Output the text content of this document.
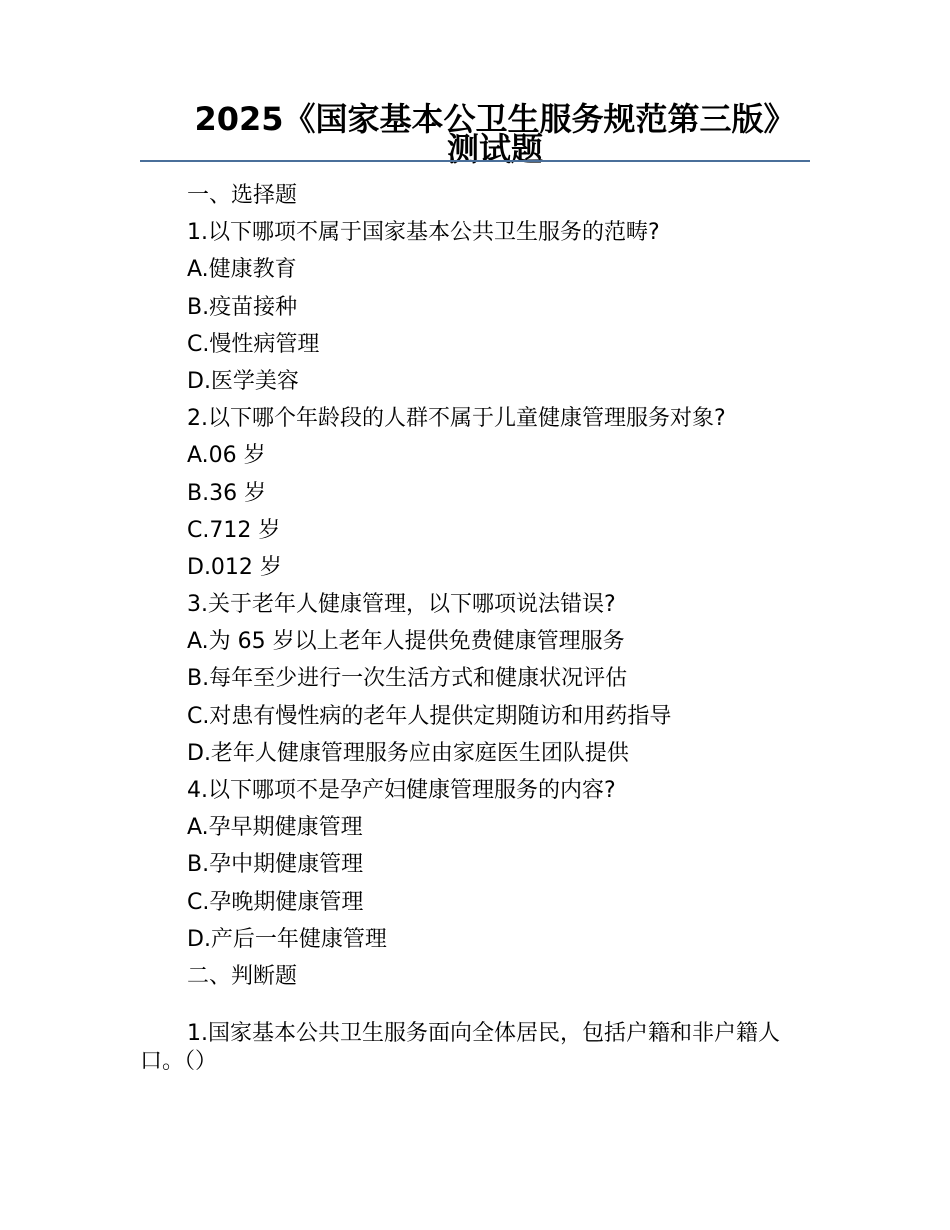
2025《国家基本公卫生服务规范第三版》测试题
一、选择题
1.以下哪项不属于国家基本公共卫生服务的范畴?
A.健康教育
B.疫苗接种
C.慢性病管理
D.医学美容
2.以下哪个年龄段的人群不属于儿童健康管理服务对象?
A.06 岁
B.36 岁
C.712 岁
D.012 岁
3.关于老年人健康管理，以下哪项说法错误?
A.为 65 岁以上老年人提供免费健康管理服务
B.每年至少进行一次生活方式和健康状况评估
C.对患有慢性病的老年人提供定期随访和用药指导
D.老年人健康管理服务应由家庭医生团队提供
4.以下哪项不是孕产妇健康管理服务的内容?
A.孕早期健康管理
B.孕中期健康管理
C.孕晚期健康管理
D.产后一年健康管理
二、判断题

1.国家基本公共卫生服务面向全体居民，包括户籍和非户籍人口。（）
